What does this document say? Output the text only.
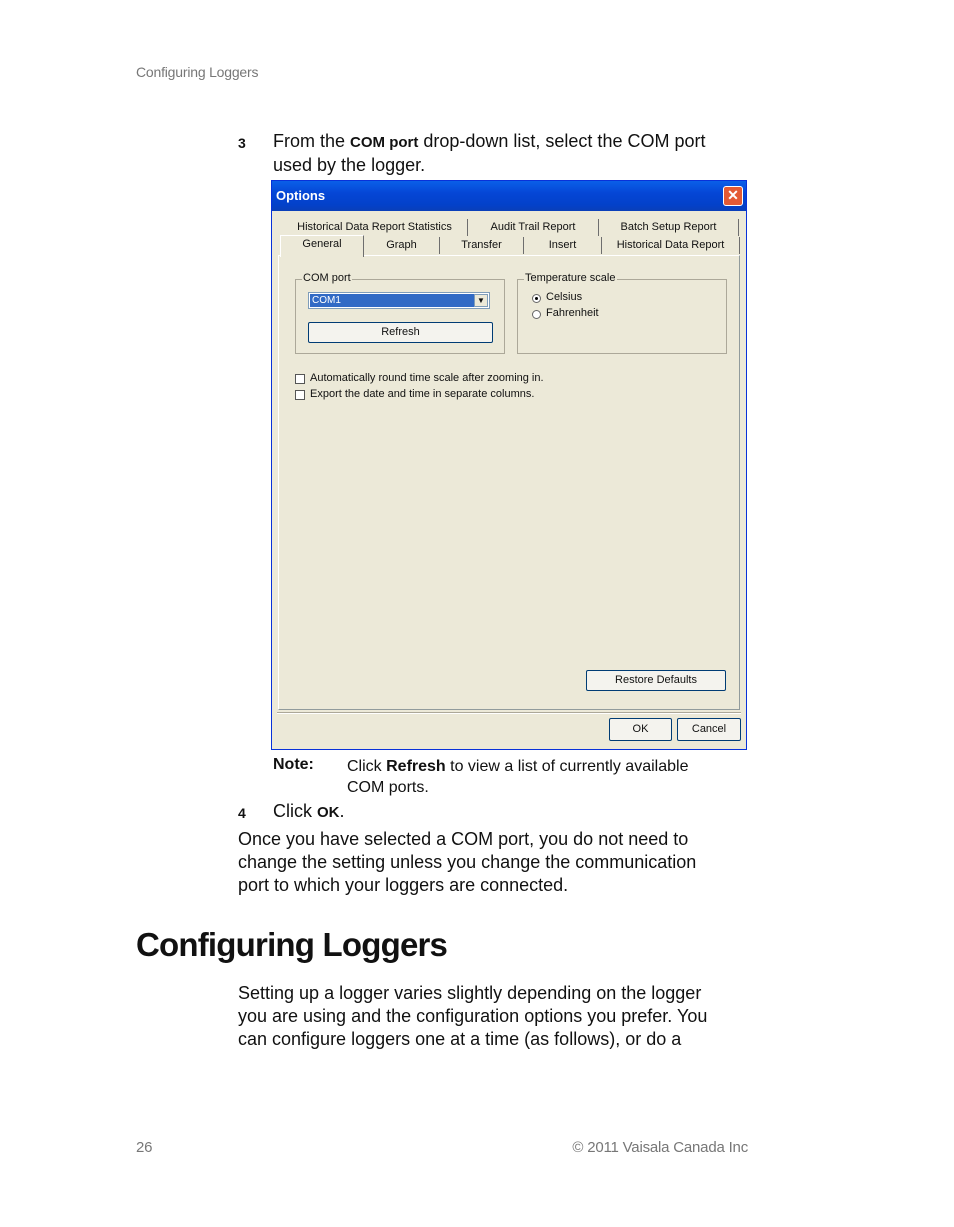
Configuring Loggers
3 From the COM port drop-down list, select the COM port
used by the logger.
Options	✕
Historical Data Report Statistics	Audit Trail Report	Batch Setup Report
General	Graph	Transfer	Insert	Historical Data Report
COM port
COM1	▼
Refresh
Temperature scale
Celsius
Fahrenheit
Automatically round time scale after zooming in.
Export the date and time in separate columns.
Restore Defaults
OK	Cancel
Note: Click Refresh to view a list of currently available
COM ports.
4 Click OK.
Once you have selected a COM port, you do not need to
change the setting unless you change the communication
port to which your loggers are connected.
Configuring Loggers
Setting up a logger varies slightly depending on the logger
you are using and the configuration options you prefer. You
can configure loggers one at a time (as follows), or do a
26	© 2011 Vaisala Canada Inc
